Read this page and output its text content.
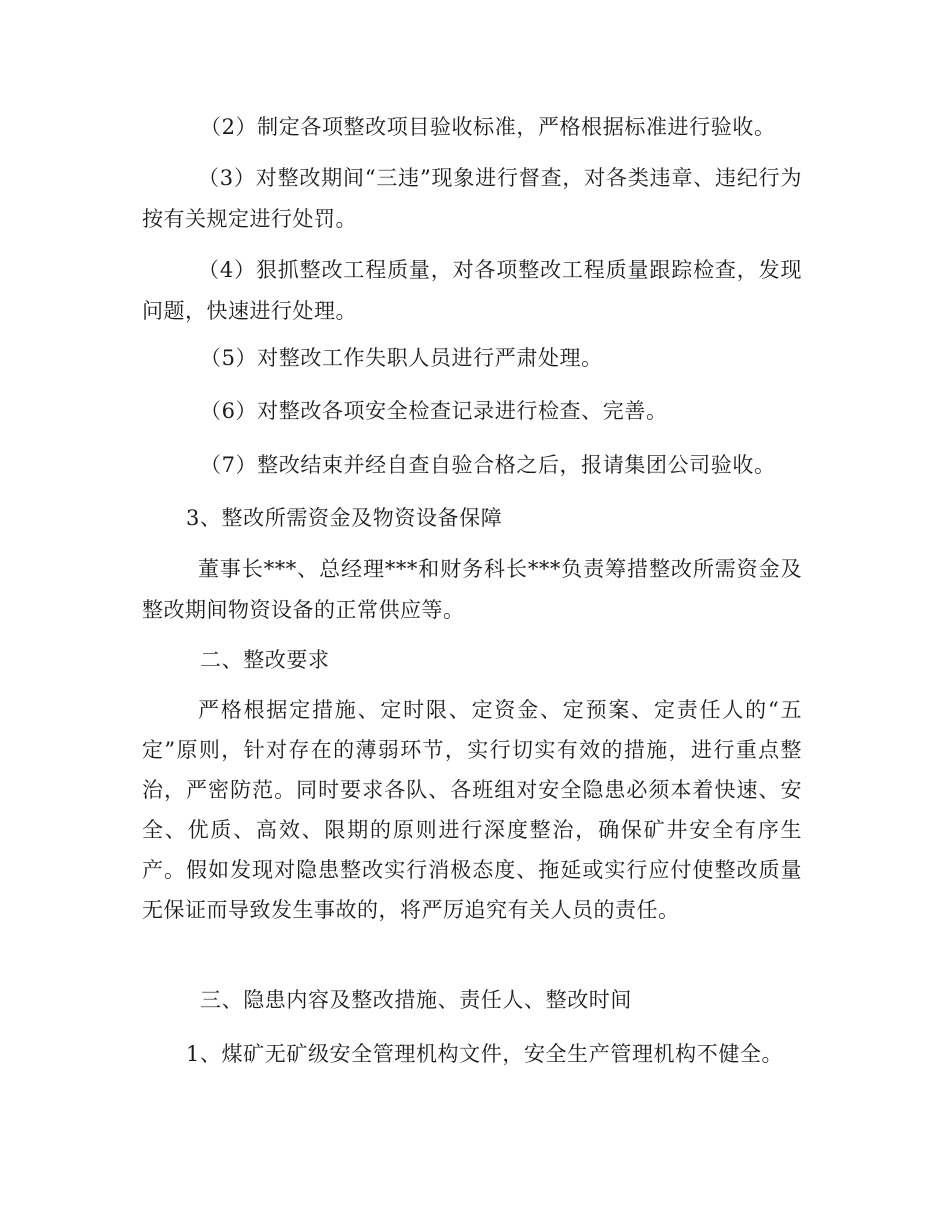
（2）制定各项整改项目验收标准，严格根据标准进行验收。
（3）对整改期间“三违”现象进行督查，对各类违章、违纪行为按有关规定进行处罚。
（4）狠抓整改工程质量，对各项整改工程质量跟踪检查，发现问题，快速进行处理。
（5）对整改工作失职人员进行严肃处理。
（6）对整改各项安全检查记录进行检查、完善。
（7）整改结束并经自查自验合格之后，报请集团公司验收。
3、整改所需资金及物资设备保障
董事长***、总经理***和财务科长***负责筹措整改所需资金及整改期间物资设备的正常供应等。
二、整改要求
严格根据定措施、定时限、定资金、定预案、定责任人的“五定”原则，针对存在的薄弱环节，实行切实有效的措施，进行重点整治，严密防范。同时要求各队、各班组对安全隐患必须本着快速、安全、优质、高效、限期的原则进行深度整治，确保矿井安全有序生产。假如发现对隐患整改实行消极态度、拖延或实行应付使整改质量无保证而导致发生事故的，将严厉追究有关人员的责任。
三、隐患内容及整改措施、责任人、整改时间
1、煤矿无矿级安全管理机构文件，安全生产管理机构不健全。
